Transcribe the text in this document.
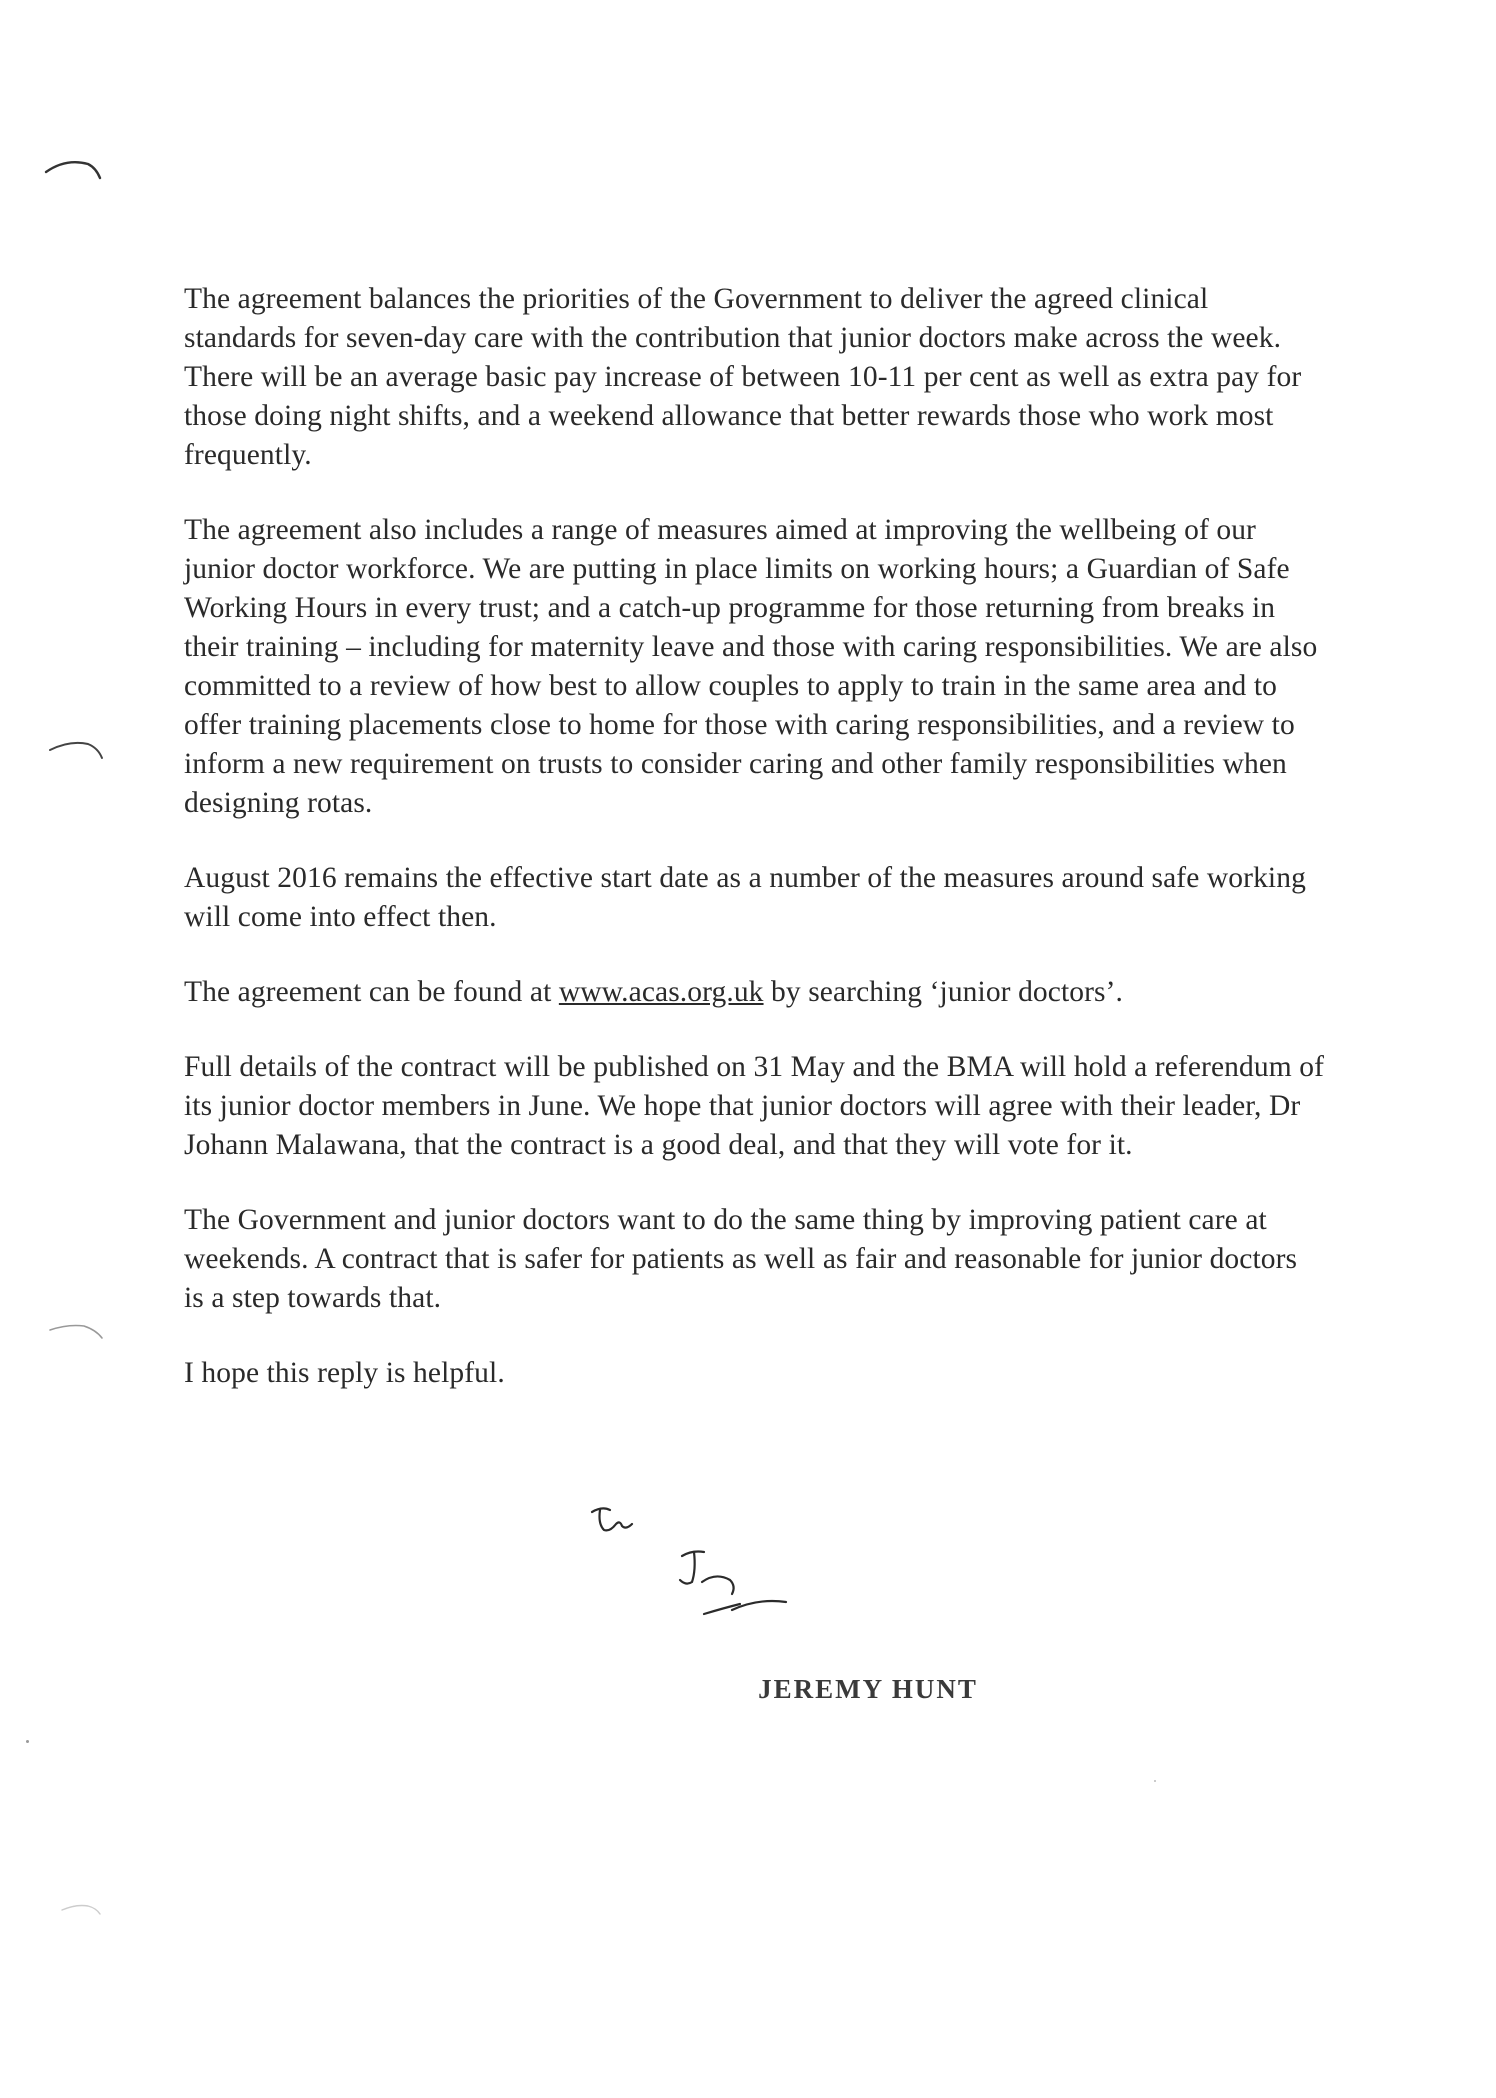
The agreement balances the priorities of the Government to deliver the agreed clinical standards for seven-day care with the contribution that junior doctors make across the week. There will be an average basic pay increase of between 10-11 per cent as well as extra pay for those doing night shifts, and a weekend allowance that better rewards those who work most frequently.

The agreement also includes a range of measures aimed at improving the wellbeing of our junior doctor workforce. We are putting in place limits on working hours; a Guardian of Safe Working Hours in every trust; and a catch-up programme for those returning from breaks in their training – including for maternity leave and those with caring responsibilities. We are also committed to a review of how best to allow couples to apply to train in the same area and to offer training placements close to home for those with caring responsibilities, and a review to inform a new requirement on trusts to consider caring and other family responsibilities when designing rotas.

August 2016 remains the effective start date as a number of the measures around safe working will come into effect then.

The agreement can be found at www.acas.org.uk by searching ‘junior doctors’.

Full details of the contract will be published on 31 May and the BMA will hold a referendum of its junior doctor members in June. We hope that junior doctors will agree with their leader, Dr Johann Malawana, that the contract is a good deal, and that they will vote for it.

The Government and junior doctors want to do the same thing by improving patient care at weekends. A contract that is safer for patients as well as fair and reasonable for junior doctors is a step towards that.

I hope this reply is helpful.

JEREMY HUNT
